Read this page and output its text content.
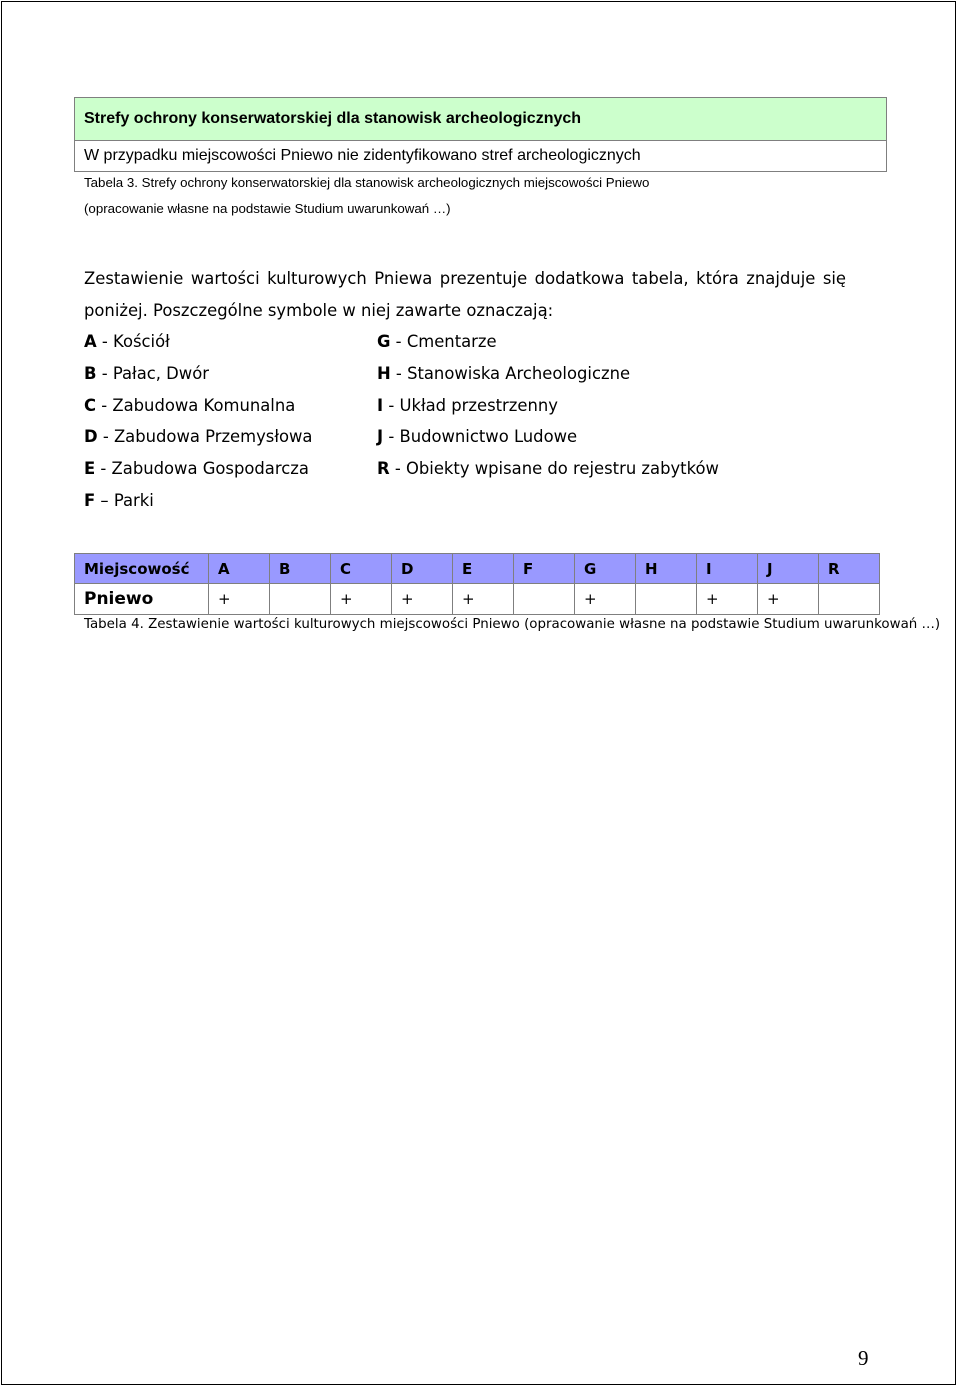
Strefy ochrony konserwatorskiej dla stanowisk archeologicznych
W przypadku miejscowości Pniewo nie zidentyfikowano stref archeologicznych
Tabela 3. Strefy ochrony konserwatorskiej dla stanowisk archeologicznych miejscowości Pniewo
(opracowanie własne na podstawie Studium uwarunkowań …)
Zestawienie wartości kulturowych Pniewa prezentuje dodatkowa tabela, która znajduje się
poniżej. Poszczególne symbole w niej zawarte oznaczają:
A - Kościół
B - Pałac, Dwór
C - Zabudowa Komunalna
D - Zabudowa Przemysłowa
E - Zabudowa Gospodarcza
F – Parki
G - Cmentarze
H - Stanowiska Archeologiczne
I - Układ przestrzenny
J - Budownictwo Ludowe
R - Obiekty wpisane do rejestru zabytków
Miejscowość	A	B	C	D	E	F	G	H	I	J	R
Pniewo	+		+	+	+		+		+	+	
Tabela 4. Zestawienie wartości kulturowych miejscowości Pniewo (opracowanie własne na podstawie Studium uwarunkowań …)
9
